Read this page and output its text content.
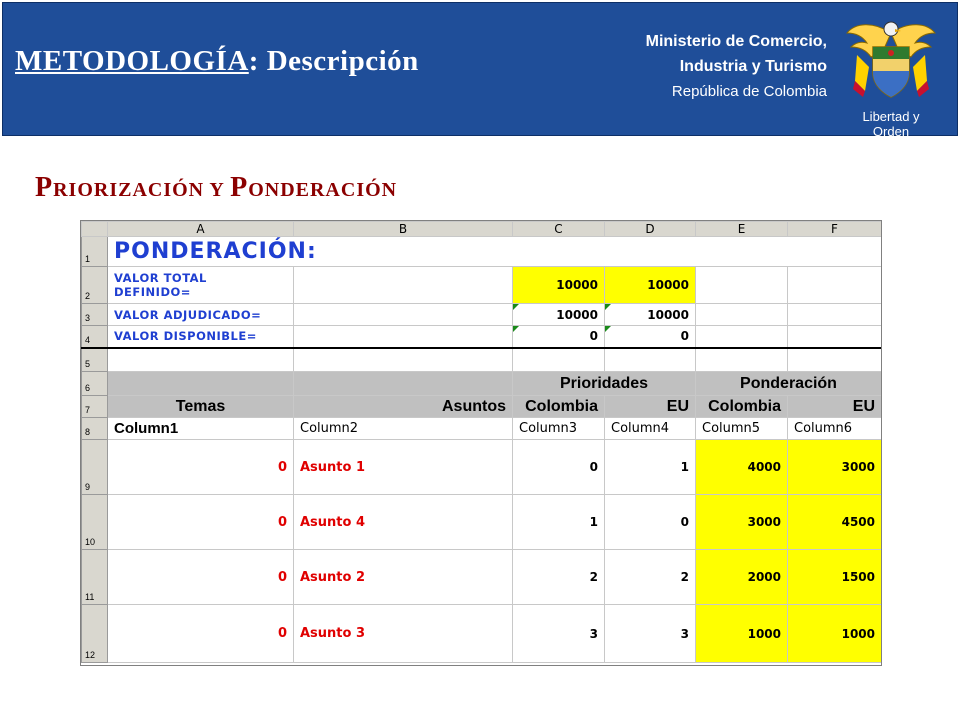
METODOLOGÍA: Descripción
Ministerio de Comercio,
Industria y Turismo
República de Colombia
Libertad y Orden
PRIORIZACIÓN Y PONDERACIÓN
	A	B	C	D	E	F
1	PONDERACIÓN:					
2	VALOR TOTAL DEFINIDO=		10000	10000		
3	VALOR ADJUDICADO=		10000	10000		
4	VALOR DISPONIBLE=		0	0		
5						
6			Prioridades		Ponderación	
7	Temas	Asuntos	Colombia	EU	Colombia	EU
8	Column1	Column2	Column3	Column4	Column5	Column6
9	0	Asunto 1	0	1	4000	3000
10	0	Asunto 4	1	0	3000	4500
11	0	Asunto 2	2	2	2000	1500
12	0	Asunto 3	3	3	1000	1000
